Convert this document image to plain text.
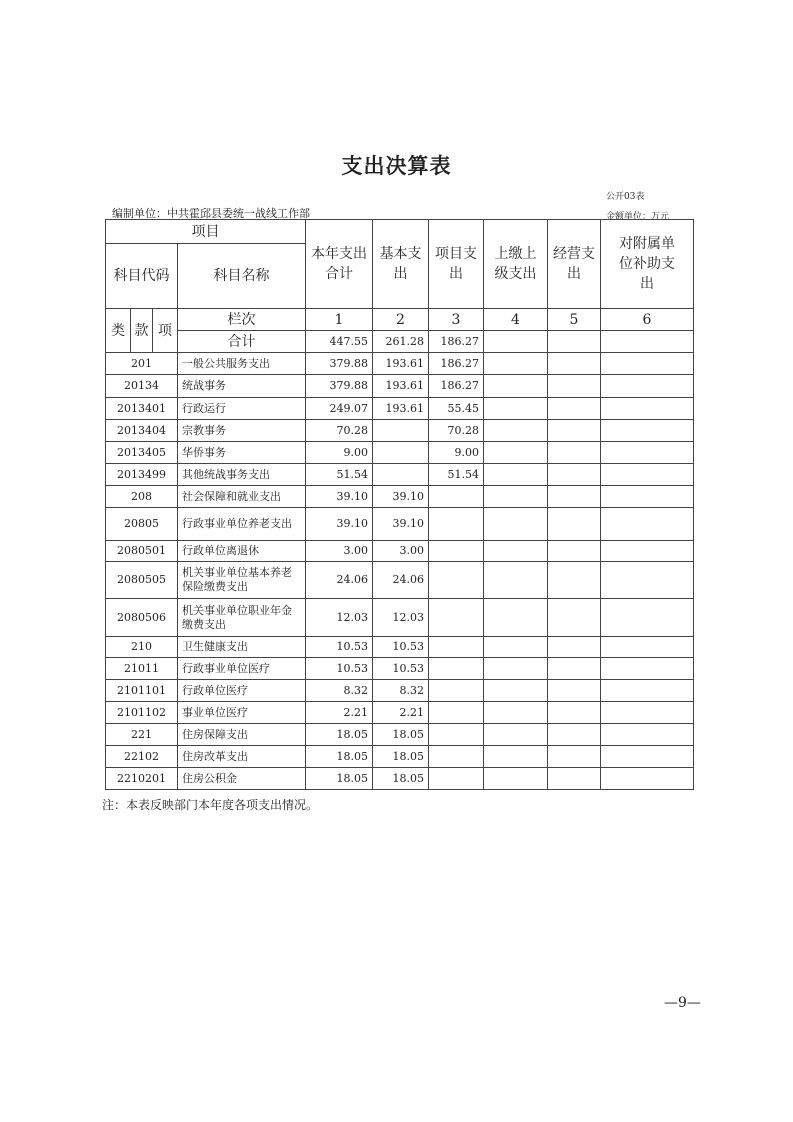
支出决算表
公开03表
编制单位：中共霍邱县委统一战线工作部	金额单位：万元
项目				本年支出合计	基本支出	项目支出	上缴上级支出	经营支出	对附属单位补助支出
科目代码			科目名称						
类	款	项	栏次	1	2	3	4	5	6
			合计	447.55	261.28	186.27			
201			一般公共服务支出	379.88	193.61	186.27			
20134			统战事务	379.88	193.61	186.27			
2013401			行政运行	249.07	193.61	55.45			
2013404			宗教事务	70.28		70.28			
2013405			华侨事务	9.00		9.00			
2013499			其他统战事务支出	51.54		51.54			
208			社会保障和就业支出	39.10	39.10				
20805			行政事业单位养老支出	39.10	39.10				
2080501			行政单位离退休	3.00	3.00				
2080505			机关事业单位基本养老保险缴费支出	24.06	24.06				
2080506			机关事业单位职业年金缴费支出	12.03	12.03				
210			卫生健康支出	10.53	10.53				
21011			行政事业单位医疗	10.53	10.53				
2101101			行政单位医疗	8.32	8.32				
2101102			事业单位医疗	2.21	2.21				
221			住房保障支出	18.05	18.05				
22102			住房改革支出	18.05	18.05				
2210201			住房公积金	18.05	18.05				
注：本表反映部门本年度各项支出情况。
—9—
